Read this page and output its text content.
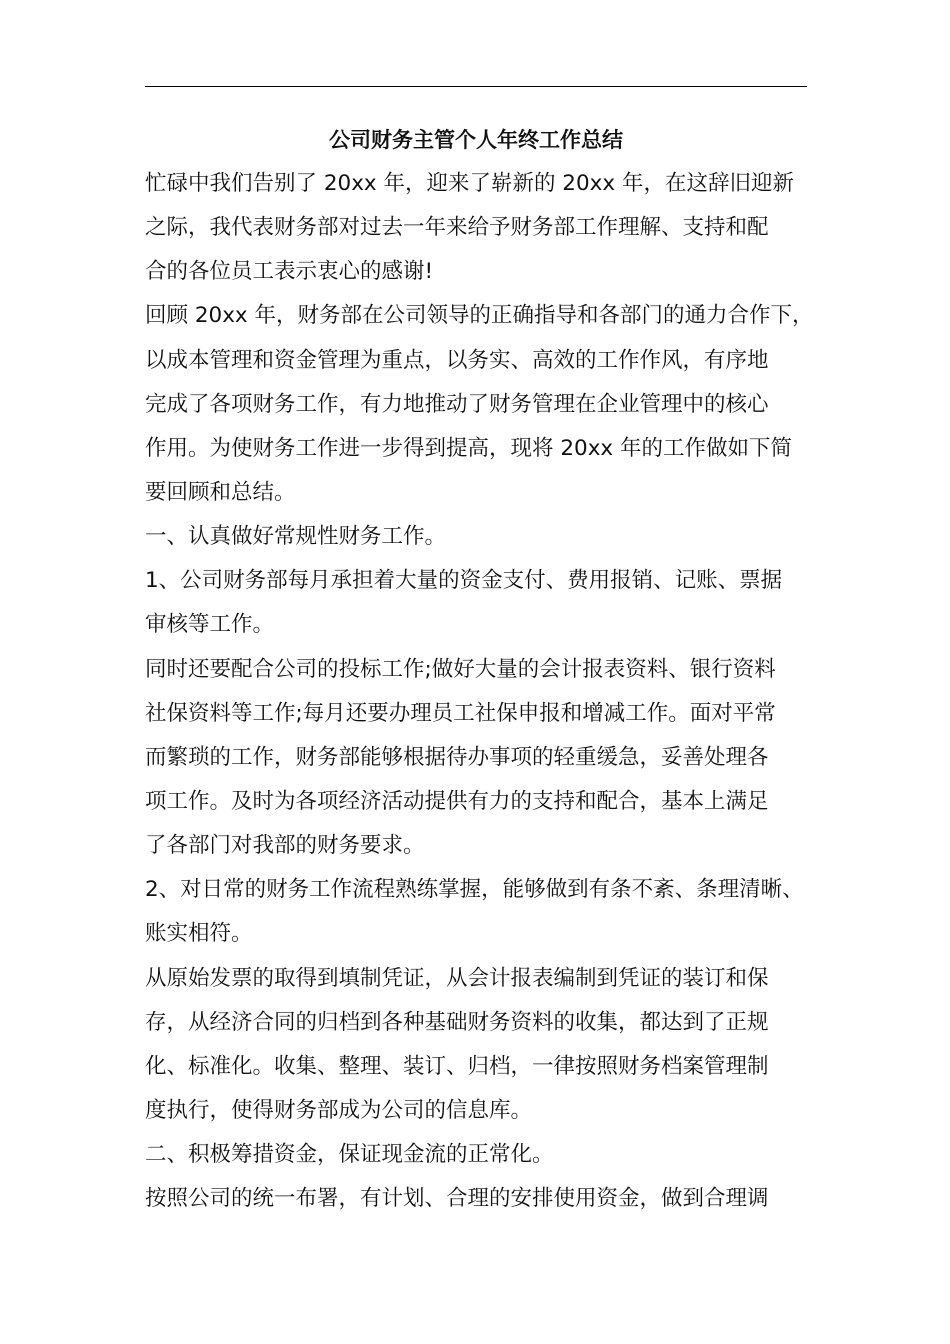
公司财务主管个人年终工作总结

忙碌中我们告别了 20xx 年，迎来了崭新的 20xx 年，在这辞旧迎新

之际，我代表财务部对过去一年来给予财务部工作理解、支持和配

合的各位员工表示衷心的感谢!

回顾 20xx 年，财务部在公司领导的正确指导和各部门的通力合作下，

以成本管理和资金管理为重点，以务实、高效的工作作风，有序地

完成了各项财务工作，有力地推动了财务管理在企业管理中的核心

作用。为使财务工作进一步得到提高，现将 20xx 年的工作做如下简

要回顾和总结。

一、认真做好常规性财务工作。

1、公司财务部每月承担着大量的资金支付、费用报销、记账、票据

审核等工作。

同时还要配合公司的投标工作;做好大量的会计报表资料、银行资料

社保资料等工作;每月还要办理员工社保申报和增减工作。面对平常

而繁琐的工作，财务部能够根据待办事项的轻重缓急，妥善处理各

项工作。及时为各项经济活动提供有力的支持和配合，基本上满足

了各部门对我部的财务要求。

2、对日常的财务工作流程熟练掌握，能够做到有条不紊、条理清晰、

账实相符。

从原始发票的取得到填制凭证，从会计报表编制到凭证的装订和保

存，从经济合同的归档到各种基础财务资料的收集，都达到了正规

化、标准化。收集、整理、装订、归档，一律按照财务档案管理制

度执行，使得财务部成为公司的信息库。

二、积极筹措资金，保证现金流的正常化。

按照公司的统一布署，有计划、合理的安排使用资金，做到合理调
